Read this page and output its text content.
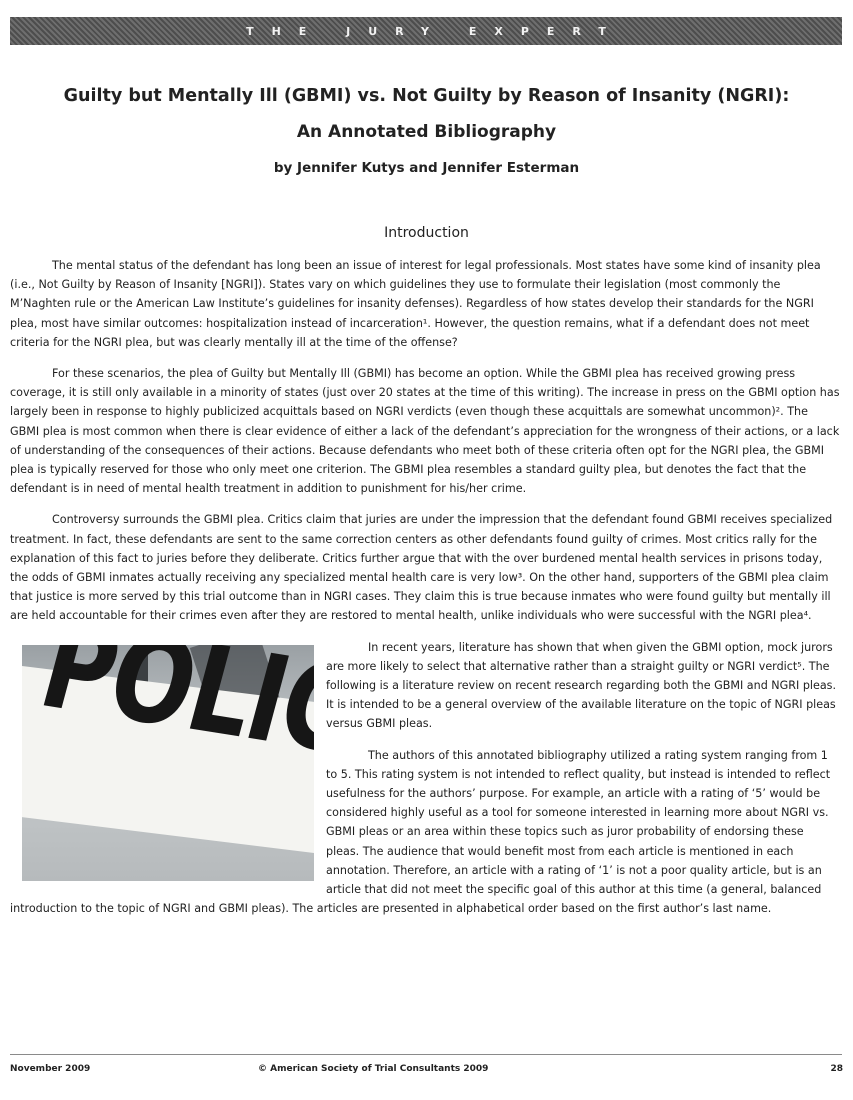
THE JURY EXPERT
Guilty but Mentally Ill (GBMI) vs. Not Guilty by Reason of Insanity (NGRI):
An Annotated Bibliography
by Jennifer Kutys and Jennifer Esterman
Introduction

The mental status of the defendant has long been an issue of interest for legal professionals. Most states have some kind of insanity plea (i.e., Not Guilty by Reason of Insanity [NGRI]). States vary on which guidelines they use to formulate their legislation (most commonly the M’Naghten rule or the American Law Institute’s guidelines for insanity defenses). Regardless of how states develop their standards for the NGRI plea, most have similar outcomes: hospitalization instead of incarceration¹. However, the question remains, what if a defendant does not meet criteria for the NGRI plea, but was clearly mentally ill at the time of the offense?

For these scenarios, the plea of Guilty but Mentally Ill (GBMI) has become an option. While the GBMI plea has received growing press coverage, it is still only available in a minority of states (just over 20 states at the time of this writing). The increase in press on the GBMI option has largely been in response to highly publicized acquittals based on NGRI verdicts (even though these acquittals are somewhat uncommon)². The GBMI plea is most common when there is clear evidence of either a lack of the defendant’s appreciation for the wrongness of their actions, or a lack of understanding of the consequences of their actions. Because defendants who meet both of these criteria often opt for the NGRI plea, the GBMI plea is typically reserved for those who only meet one criterion. The GBMI plea resembles a standard guilty plea, but denotes the fact that the defendant is in need of mental health treatment in addition to punishment for his/her crime.

Controversy surrounds the GBMI plea. Critics claim that juries are under the impression that the defendant found GBMI receives specialized treatment. In fact, these defendants are sent to the same correction centers as other defendants found guilty of crimes. Most critics rally for the explanation of this fact to juries before they deliberate. Critics further argue that with the over burdened mental health services in prisons today, the odds of GBMI inmates actually receiving any specialized mental health care is very low³. On the other hand, supporters of the GBMI plea claim that justice is more served by this trial outcome than in NGRI cases. They claim this is true because inmates who were found guilty but mentally ill are held accountable for their crimes even after they are restored to mental health, unlike individuals who were successful with the NGRI plea⁴.

In recent years, literature has shown that when given the GBMI option, mock jurors are more likely to select that alternative rather than a straight guilty or NGRI verdict⁵. The following is a literature review on recent research regarding both the GBMI and NGRI pleas. It is intended to be a general overview of the available literature on the topic of NGRI pleas versus GBMI pleas.

The authors of this annotated bibliography utilized a rating system ranging from 1 to 5. This rating system is not intended to reflect quality, but instead is intended to reflect usefulness for the authors’ purpose. For example, an article with a rating of ‘5’ would be considered highly useful as a tool for someone interested in learning more about NGRI vs. GBMI pleas or an area within these topics such as juror probability of endorsing these pleas. The audience that would benefit most from each article is mentioned in each annotation. Therefore, an article with a rating of ‘1’ is not a poor quality article, but is an article that did not meet the specific goal of this author at this time (a general, balanced introduction to the topic of NGRI and GBMI pleas). The articles are presented in alphabetical order based on the first author’s last name.

November 2009	© American Society of Trial Consultants 2009	28
